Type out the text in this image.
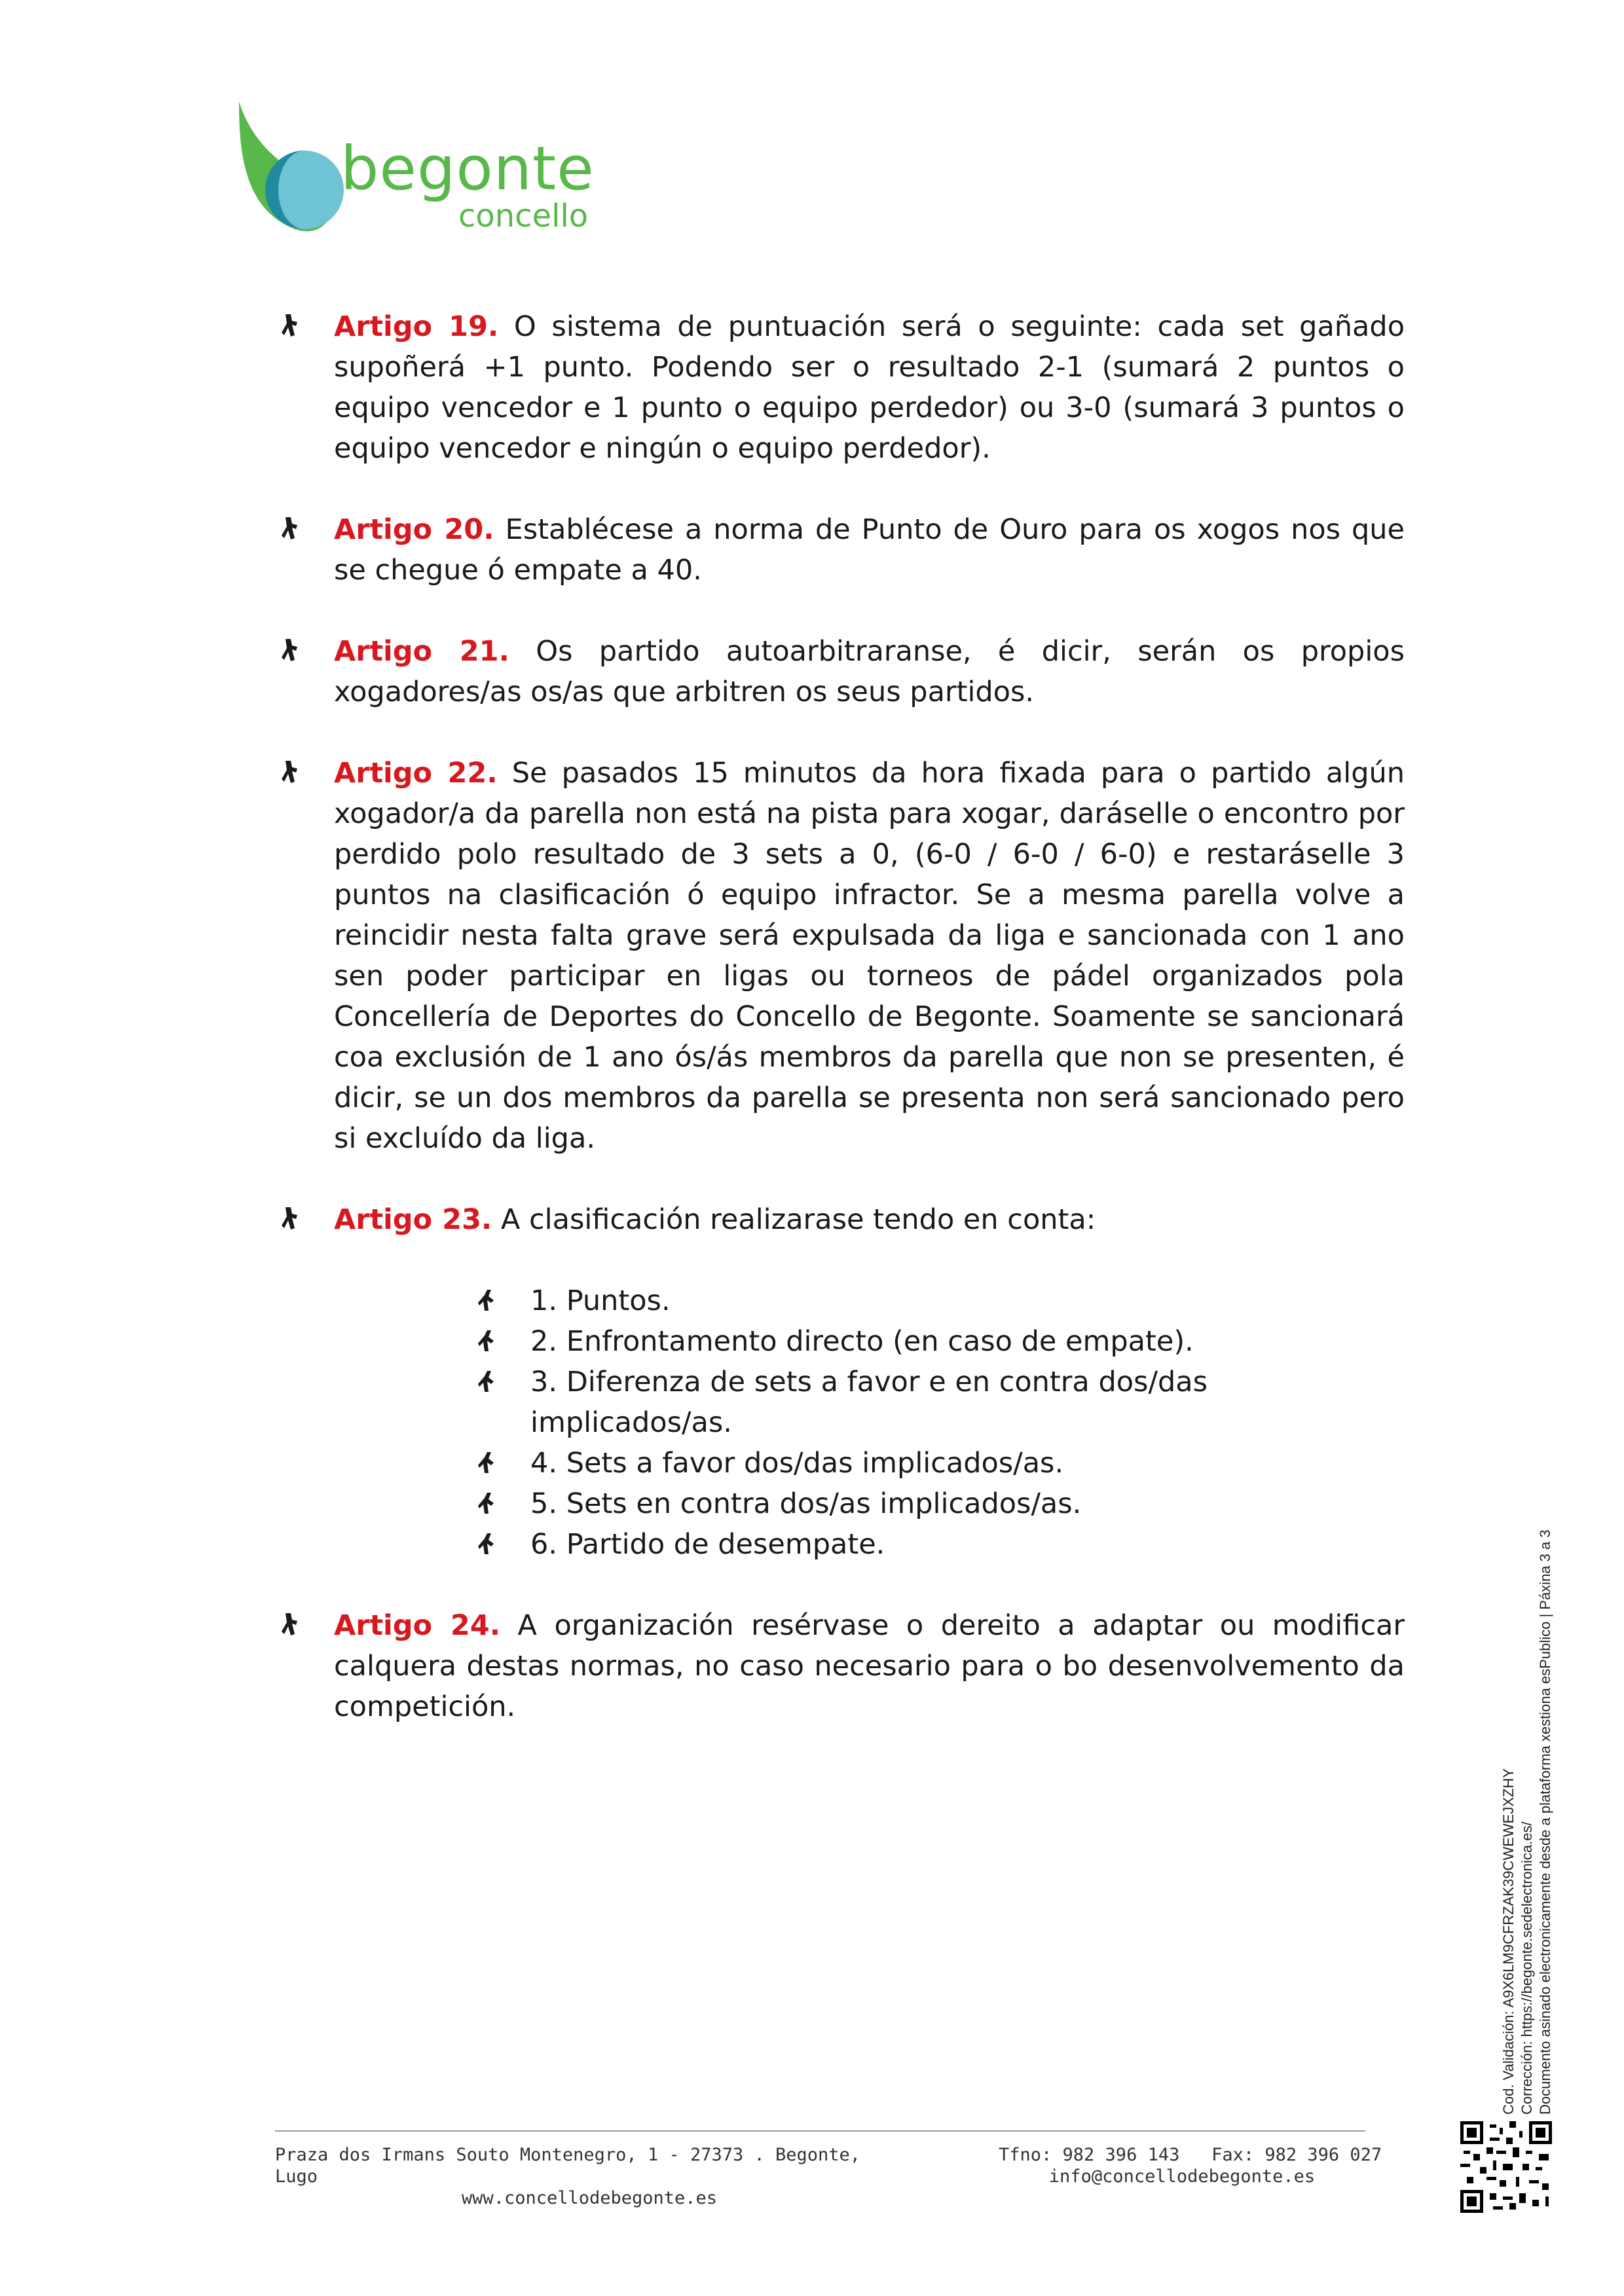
begonte
concello
Artigo 19. O sistema de puntuación será o seguinte: cada set gañado supoñerá +1 punto. Podendo ser o resultado 2-1 (sumará 2 puntos o equipo vencedor e 1 punto o equipo perdedor) ou 3-0 (sumará 3 puntos o equipo vencedor e ningún o equipo perdedor).
Artigo 20. Establécese a norma de Punto de Ouro para os xogos nos que se chegue ó empate a 40.
Artigo 21. Os partido autoarbitraranse, é dicir, serán os propios xogadores/as os/as que arbitren os seus partidos.
Artigo 22. Se pasados 15 minutos da hora fixada para o partido algún xogador/a da parella non está na pista para xogar, daráselle o encontro por perdido polo resultado de 3 sets a 0, (6-0 / 6-0 / 6-0) e restaráselle 3 puntos na clasificación ó equipo infractor. Se a mesma parella volve a reincidir nesta falta grave será expulsada da liga e sancionada con 1 ano sen poder participar en ligas ou torneos de pádel organizados pola Concellería de Deportes do Concello de Begonte. Soamente se sancionará coa exclusión de 1 ano ós/ás membros da parella que non se presenten, é dicir, se un dos membros da parella se presenta non será sancionado pero si excluído da liga.
Artigo 23. A clasificación realizarase tendo en conta:
1. Puntos.
2. Enfrontamento directo (en caso de empate).
3. Diferenza de sets a favor e en contra dos/das implicados/as.
4. Sets a favor dos/das implicados/as.
5. Sets en contra dos/as implicados/as.
6. Partido de desempate.
Artigo 24. A organización resérvase o dereito a adaptar ou modificar calquera destas normas, no caso necesario para o bo desenvolvemento da competición.
Cod. Validación: A9X6LM9CFRZAK39CWEWEJXZHY Corrección: https://begonte.sedelectronica.es/ Documento asinado electronicamente desde a plataforma xestiona esPublico | Páxina 3 a 3
Praza dos Irmans Souto Montenegro, 1 - 27373 . Begonte, Lugo
www.concellodebegonte.es
Tfno: 982 396 143   Fax: 982 396 027
info@concellodebegonte.es
